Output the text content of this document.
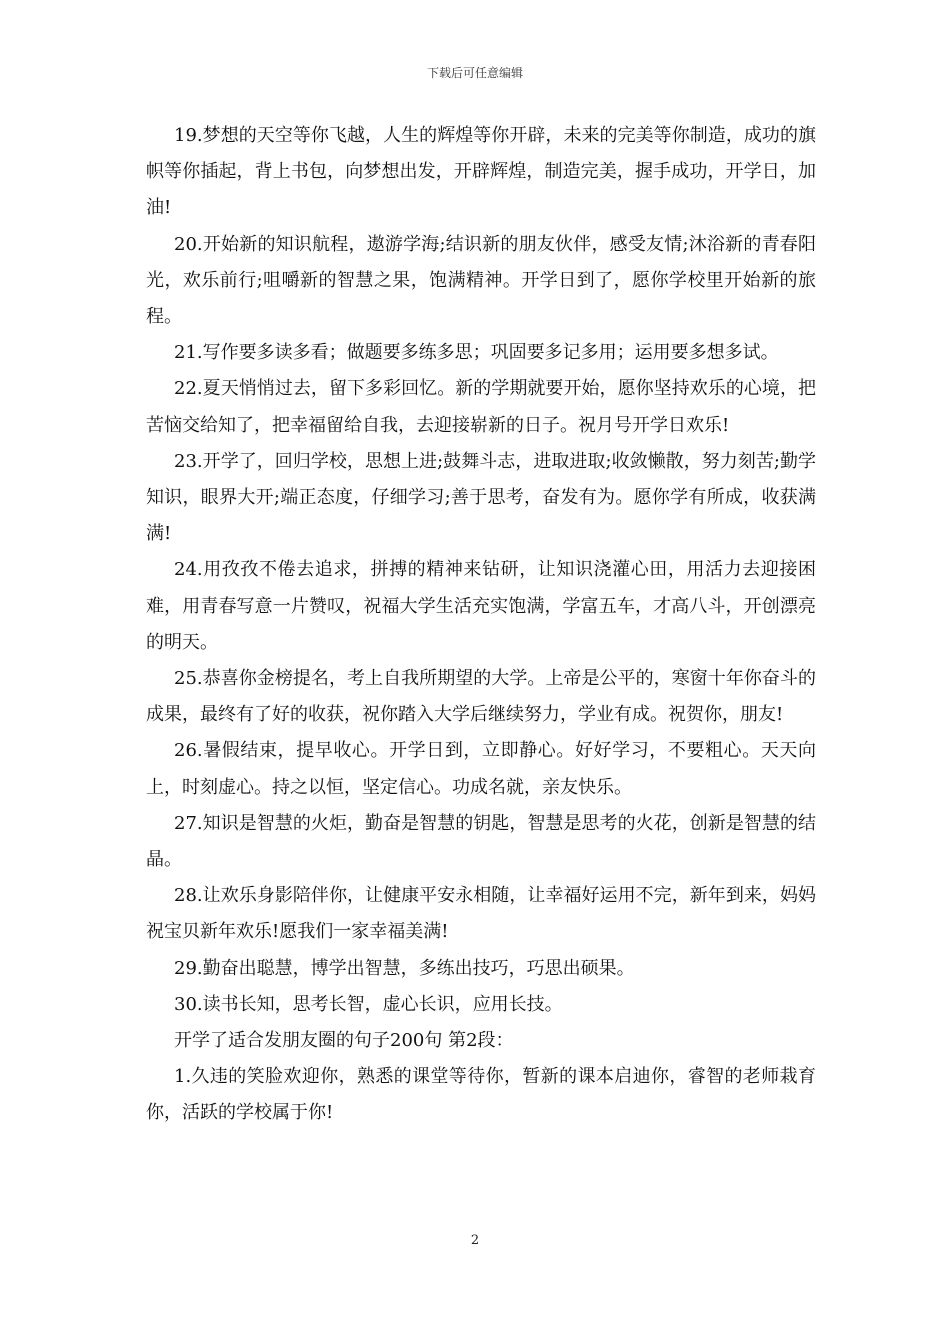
下载后可任意编辑

19.梦想的天空等你飞越，人生的辉煌等你开辟，未来的完美等你制造，成功的旗帜等你插起，背上书包，向梦想出发，开辟辉煌，制造完美，握手成功，开学日，加油!

20.开始新的知识航程，遨游学海;结识新的朋友伙伴，感受友情;沐浴新的青春阳光，欢乐前行;咀嚼新的智慧之果，饱满精神。开学日到了，愿你学校里开始新的旅程。

21.写作要多读多看；做题要多练多思；巩固要多记多用；运用要多想多试。

22.夏天悄悄过去，留下多彩回忆。新的学期就要开始，愿你坚持欢乐的心境，把苦恼交给知了，把幸福留给自我，去迎接崭新的日子。祝月号开学日欢乐!

23.开学了，回归学校，思想上进;鼓舞斗志，进取进取;收敛懒散，努力刻苦;勤学知识，眼界大开;端正态度，仔细学习;善于思考，奋发有为。愿你学有所成，收获满满!

24.用孜孜不倦去追求，拼搏的精神来钻研，让知识浇灌心田，用活力去迎接困难，用青春写意一片赞叹，祝福大学生活充实饱满，学富五车，才高八斗，开创漂亮的明天。

25.恭喜你金榜提名，考上自我所期望的大学。上帝是公平的，寒窗十年你奋斗的成果，最终有了好的收获，祝你踏入大学后继续努力，学业有成。祝贺你，朋友!

26.暑假结束，提早收心。开学日到，立即静心。好好学习，不要粗心。天天向上，时刻虚心。持之以恒，坚定信心。功成名就，亲友快乐。

27.知识是智慧的火炬，勤奋是智慧的钥匙，智慧是思考的火花，创新是智慧的结晶。

28.让欢乐身影陪伴你，让健康平安永相随，让幸福好运用不完，新年到来，妈妈祝宝贝新年欢乐!愿我们一家幸福美满!

29.勤奋出聪慧，博学出智慧，多练出技巧，巧思出硕果。

30.读书长知，思考长智，虚心长识，应用长技。

开学了适合发朋友圈的句子200句 第2段：

1.久违的笑脸欢迎你，熟悉的课堂等待你，暂新的课本启迪你，睿智的老师栽育你，活跃的学校属于你!

2
